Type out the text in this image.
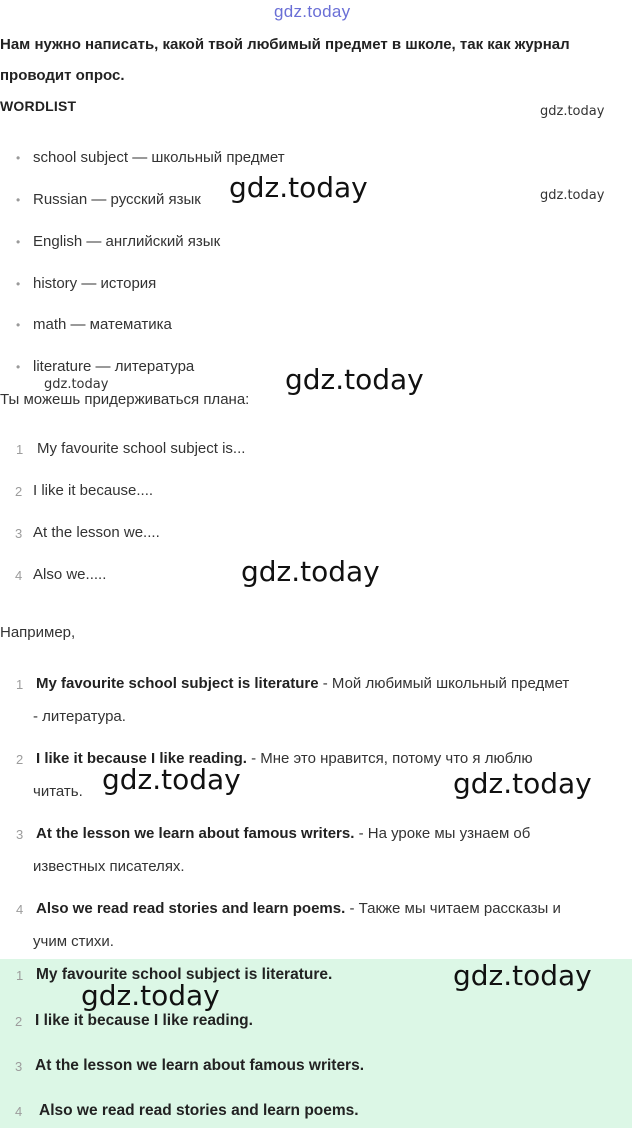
gdz.today
Нам нужно написать, какой твой любимый предмет в школе, так как журнал
проводит опрос.
WORDLIST
• school subject — школьный предмет
• Russian — русский язык
• English — английский язык
• history — история
• math — математика
• literature — литература
Ты можешь придерживаться плана:
1 My favourite school subject is...
2 I like it because....
3 At the lesson we....
4 Also we.....
Например,
1 My favourite school subject is literature - Мой любимый школьный предмет
- литература.
2 I like it because I like reading. - Мне это нравится, потому что я люблю
читать.
3 At the lesson we learn about famous writers. - На уроке мы узнаем об
известных писателях.
4 Also we read read stories and learn poems. - Также мы читаем рассказы и
учим стихи.
1 My favourite school subject is literature.
2 I like it because I like reading.
3 At the lesson we learn about famous writers.
4 Also we read read stories and learn poems.
gdz.today
gdz.today
gdz.today
gdz.today
gdz.today
gdz.today
gdz.today	gdz.today
gdz.today
gdz.today
